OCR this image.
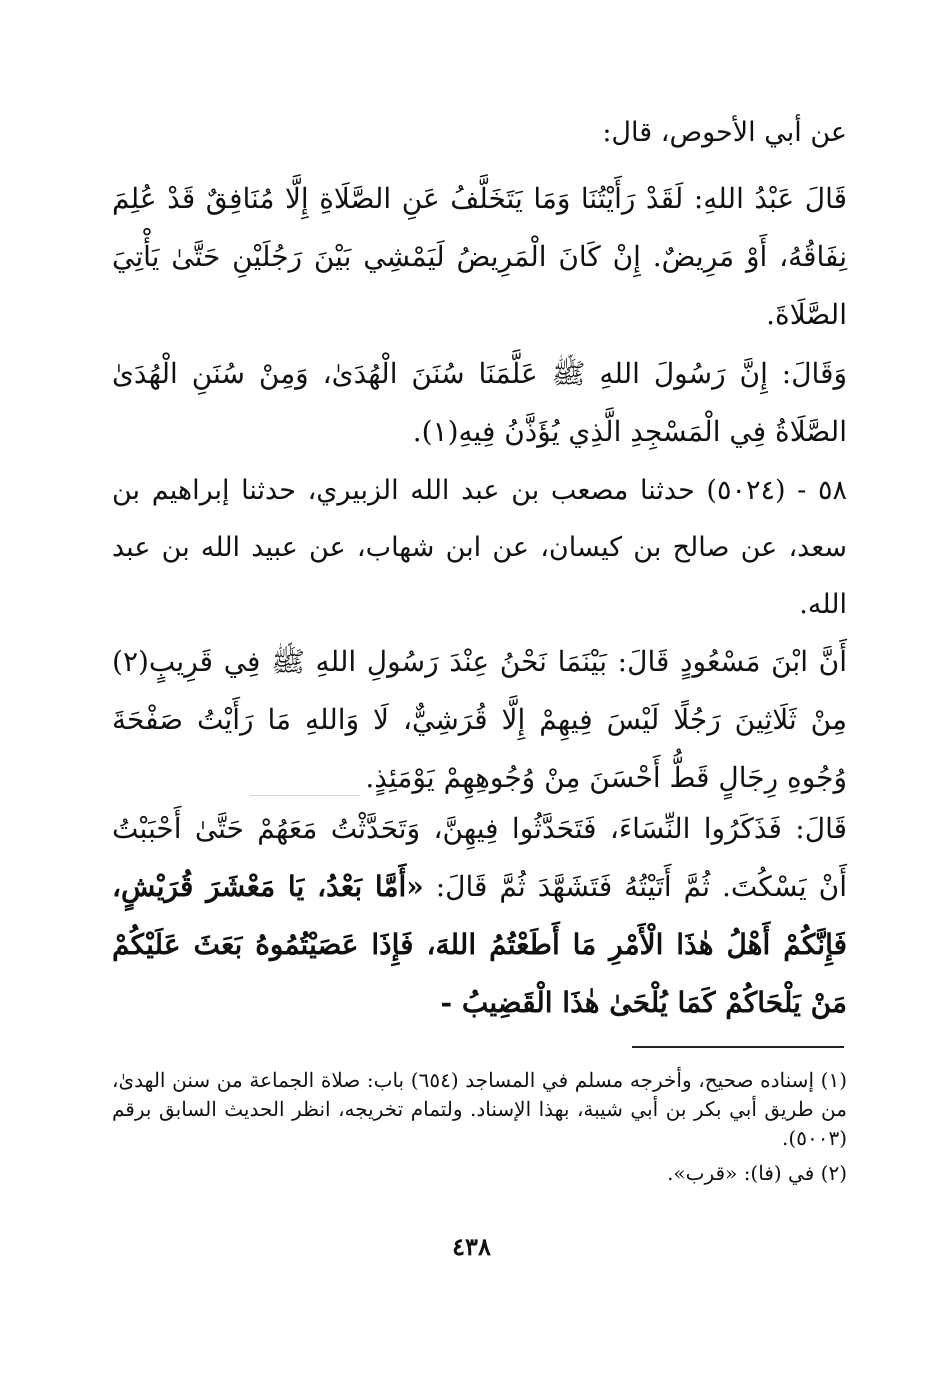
عن أبي الأحوص، قال:
قَالَ عَبْدُ اللهِ: لَقَدْ رَأَيْتُنَا وَمَا يَتَخَلَّفُ عَنِ الصَّلَاةِ إِلَّا مُنَافِقٌ قَدْ عُلِمَ نِفَاقُهُ، أَوْ مَرِيضٌ. إِنْ كَانَ الْمَرِيضُ لَيَمْشِي بَيْنَ رَجُلَيْنِ حَتَّىٰ يَأْتِيَ الصَّلَاةَ.
وَقَالَ: إِنَّ رَسُولَ اللهِ ﷺ عَلَّمَنَا سُنَنَ الْهُدَىٰ، وَمِنْ سُنَنِ الْهُدَىٰ الصَّلَاةُ فِي الْمَسْجِدِ الَّذِي يُؤَذَّنُ فِيهِ(١).
٥٨ - (٥٠٢٤) حدثنا مصعب بن عبد الله الزبيري، حدثنا إبراهيم بن سعد، عن صالح بن كيسان، عن ابن شهاب، عن عبيد الله بن عبد الله.
أَنَّ ابْنَ مَسْعُودٍ قَالَ: بَيْنَمَا نَحْنُ عِنْدَ رَسُولِ اللهِ ﷺ فِي قَرِيبٍ(٢) مِنْ ثَلَاثِينَ رَجُلًا لَيْسَ فِيهِمْ إِلَّا قُرَشِيٌّ، لَا وَاللهِ مَا رَأَيْتُ صَفْحَةَ وُجُوهِ رِجَالٍ قَطُّ أَحْسَنَ مِنْ وُجُوهِهِمْ يَوْمَئِذٍ.
قَالَ: فَذَكَرُوا النِّسَاءَ، فَتَحَدَّثُوا فِيهِنَّ، وَتَحَدَّثْتُ مَعَهُمْ حَتَّىٰ أَحْبَبْتُ أَنْ يَسْكُتَ. ثُمَّ أَتَيْتُهُ فَتَشَهَّدَ ثُمَّ قَالَ: «أَمَّا بَعْدُ، يَا مَعْشَرَ قُرَيْشٍ، فَإِنَّكُمْ أَهْلُ هٰذَا الْأَمْرِ مَا أَطَعْتُمُ اللهَ، فَإِذَا عَصَيْتُمُوهُ بَعَثَ عَلَيْكُمْ مَنْ يَلْحَاكُمْ كَمَا يُلْحَىٰ هٰذَا الْقَضِيبُ -
(١) إسناده صحيح، وأخرجه مسلم في المساجد (٦٥٤) باب: صلاة الجماعة من سنن الهدىٰ، من طريق أبي بكر بن أبي شيبة، بهذا الإسناد. ولتمام تخريجه، انظر الحديث السابق برقم (٥٠٠٣).
(٢) في (فا): «قرب».
٤٣٨
